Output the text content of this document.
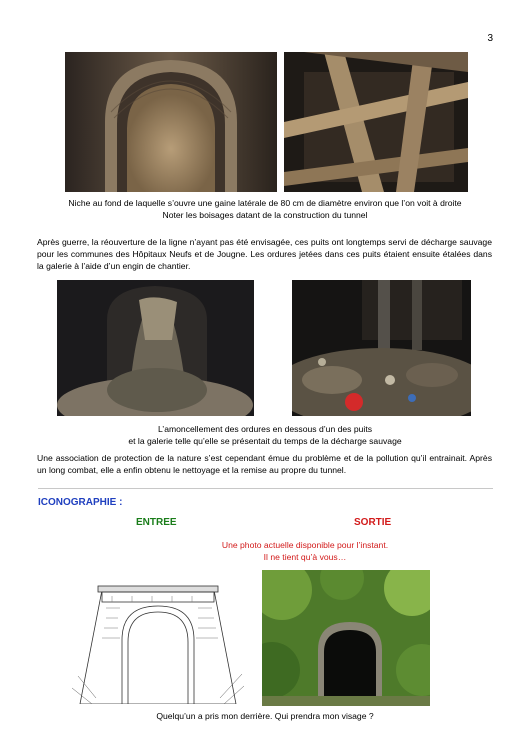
3
Niche au fond de laquelle s’ouvre une gaine latérale de 80 cm de diamètre environ que l’on voit à droite
Noter les boisages datant de la construction du tunnel
Après guerre, la réouverture de la ligne n’ayant pas été envisagée, ces puits ont longtemps servi de décharge sauvage pour les communes des Hôpitaux Neufs et de Jougne. Les ordures jetées dans ces puits étaient ensuite étalées dans la galerie à l’aide d’un engin de chantier.
L’amoncellement des ordures en dessous d’un des puits
et la galerie telle qu’elle se présentait du temps de la décharge sauvage
Une association de protection de la nature s’est cependant émue du problème et de la pollution qu’il entrainait. Après un long combat, elle a enfin obtenu le nettoyage et la remise au propre du tunnel.
ICONOGRAPHIE :
ENTREE	SORTIE
Une photo actuelle disponible pour l’instant.
Il ne tient qu’à vous…
Quelqu’un a pris mon derrière. Qui prendra mon visage ?
